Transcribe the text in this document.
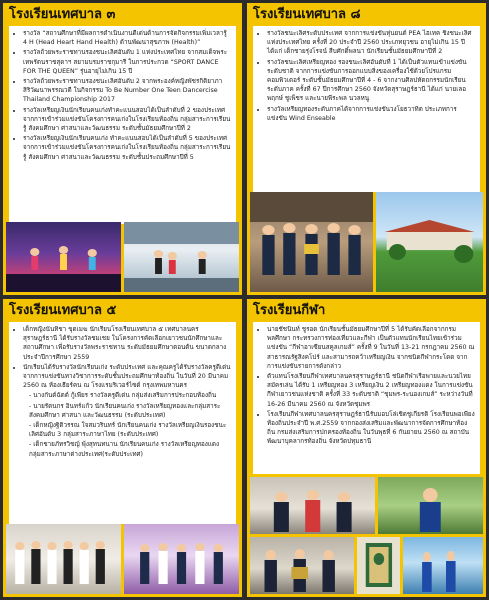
โรงเรียนเทศบาล ๓
• รางวัล “สถานศึกษาที่มีผลการดำเนินงานดีเด่นด้านการจัดกิจกรรมเพิ่มเวลารู้ 4 H (Head Heart Hand Health) ด้านพัฒนาสุขภาพ (Health)”
• รางวัลถ้วยพระราชทานรองชนะเลิศอันดับ 1 แห่งประเทศไทย จากสมเด็จพระเทพรัตนราชสุดาฯ สยามบรมราชกุมารี ในการประกวด “SPORT DANCE FOR THE QUEEN” รุ่นอายุไม่เกิน 15 ปี
• รางวัลถ้วยพระราชทานรองชนะเลิศอันดับ 2 จากพระองค์หญิงพัชรกิติยาภา สิริวัฒนาพรรณวดี ในกิจกรรม To Be Number One Teen Dancercise Thailand Championship 2017
• รางวัลเหรียญเงินนักเรียนคนเก่งทำคะแนนสอบได้เป็นลำดับที่ 2 ของประเทศ จากการเข้าร่วมแข่งขันโครงการคนเก่งในโรงเรียนท้องถิ่น กลุ่มสาระการเรียนรู้ สังคมศึกษา ศาสนาและวัฒนธรรม ระดับชั้นมัธยมศึกษาปีที่ 2
• รางวัลเหรียญเงินนักเรียนคนเก่ง ทำคะแนนสอบได้เป็นลำดับที่ 5 ของประเทศ จากการเข้าร่วมแข่งขันโครงการคนเก่งในโรงเรียนท้องถิ่น กลุ่มสาระการเรียนรู้ สังคมศึกษา ศาสนาและวัฒนธรรม ระดับชั้นประถมศึกษาปีที่ 5
โรงเรียนเทศบาล ๘
• รางวัลชนะเลิศระดับประเทศ จากการแข่งขันหุ่นยนต์ PEA ไฮเทค ชิงชนะเลิศแห่งประเทศไทย ครั้งที่ 20 ประจำปี 2560 ประเภทยุวชน อายุไม่เกิน 15 ปี ได้แก่ เด็กชายรุ่งโรจน์ สืบศักดิ์พลนา นักเรียนชั้นมัธยมศึกษาปีที่ 2
• รางวัลชนะเลิศเหรียญทอง รองชนะเลิศอันดับที่ 1 ได้เป็นตัวแทนเข้าแข่งขันระดับชาติ จากการแข่งขันการออกแบบสิ่งของเครื่องใช้ด้วยโปรแกรมคอมพิวเตอร์ ระดับชั้นมัธยมศึกษาปีที่ 4 - 6 จากงานศิลปหัตถกรรมนักเรียน ระดับภาค ครั้งที่ 67 ปีการศึกษา 2560 จังหวัดสุราษฎร์ธานี ได้แก่ นายเลอพฤกษ์ ชูเพ็ชร และนายพีระพล นวลหนู
• รางวัลเหรียญทองระดับภาคได้จากการแข่งขันวงโยธวาทิต ประเภทการแข่งขัน Wind Enseable
โรงเรียนเทศบาล ๕
• เด็กหญิงนันทิชา ขุดเมฆ นักเรียนโรงเรียนเทศบาล ๕ เทศบาลนครสุราษฎร์ธานี ได้รับรางวัลชมเชย ในโครงการคัดเลือกเยาวชนนักศึกษาและสถานศึกษา เพื่อรับรางวัลพระราชทาน ระดับมัธยมศึกษาตอนต้น ขนาดกลาง ประจำปีการศึกษา 2559
• นักเรียนได้รับรางวัลนักเรียนเก่ง ระดับประเทศ และคุณครูได้รับรางวัลครูดีเด่นจากการแข่งขันทางวิชาการระดับชั้นประถมศึกษาท้องถิ่น ในวันที่ 20 มีนาคม 2560 ณ ห้องเธียร์คน ณ โรงแรมริเวอร์ไซด์ กรุงเทพมหานคร
- นางกันต์ฉัตต์ กู้เพียร รางวัลครูดีเด่น กลุ่มส่งเสริมการประกอบท้องถิ่น
- นายรัตนกร อินทร์แก้ว นักเรียนคนเก่ง รางวัลเหรียญทองและกลุ่มสาระสังคมศึกษา ศาสนา และวัฒนธรรม (ระดับประเทศ)
- เด็กหญิงฐิติวรรณ ใจสมวรินทร์ นักเรียนคนเก่ง รางวัลเหรียญเงินรองชนะเลิศอันดับ 3 กลุ่มสาระภาษาไทย (ระดับประเทศ)
- เด็กชายภัทรวิชญ์ พุ้งสุทนทนาน นักเรียนคนเก่ง รางวัลเหรียญทองแดง กลุ่มสาระภาษาต่างประเทศ(ระดับประเทศ)
โรงเรียนกีฬา
• นายชัชนินท์ ชูรอด นักเรียนชั้นมัธยมศึกษาปีที่ 5 ได้รับคัดเลือกจากกรมพลศึกษา กระทรวงการท่องเที่ยวและกีฬา เป็นตัวแทนนักเรียนไทยเข้าร่วมแข่งขัน “กีฬาอาเซียนสคูลเกมส์” ครั้งที่ 9 ในวันที่ 13-21 กรกฎาคม 2560 ณ สาธารณรัฐสิงคโปร์ และสามารถคว้าเหรียญเงิน จากชนิดกีฬากระโดด จากการแข่งขันรายการดังกล่าว
• ตัวแทนโรงเรียนกีฬาเทศบาลนครสุราษฎร์ธานี ชนิดกีฬาเรือพายและนวยไทยสมัครเล่น ได้รับ 1 เหรียญทอง 3 เหรียญเงิน 2 เหรียญทองแดง ในการแข่งขันกีฬาเยาวชนแห่งชาติ ครั้งที่ 33 ระดับชาติ “ชุมพร-ระนองเกมส์” ระหว่างวันที่ 16-26 มีนาคม 2560 ณ จังหวัดชุมพร
• โรงเรียนกีฬาเทศบาลนครสุราษฎร์ธานีรับมอบโล่เชิดชูเกียรติ โรงเรียนพอเพียงท้องถิ่นประจำปี พ.ศ.2559 จากกองส่งเสริมและพัฒนาการจัดการศึกษาท้องถิ่น กรมส่งเสริมการปกครองท้องถิ่น ในวันพุธที่ 6 กันยายน 2560 ณ สถาบันพัฒนาบุคลากรท้องถิ่น จังหวัดปทุมธานี
